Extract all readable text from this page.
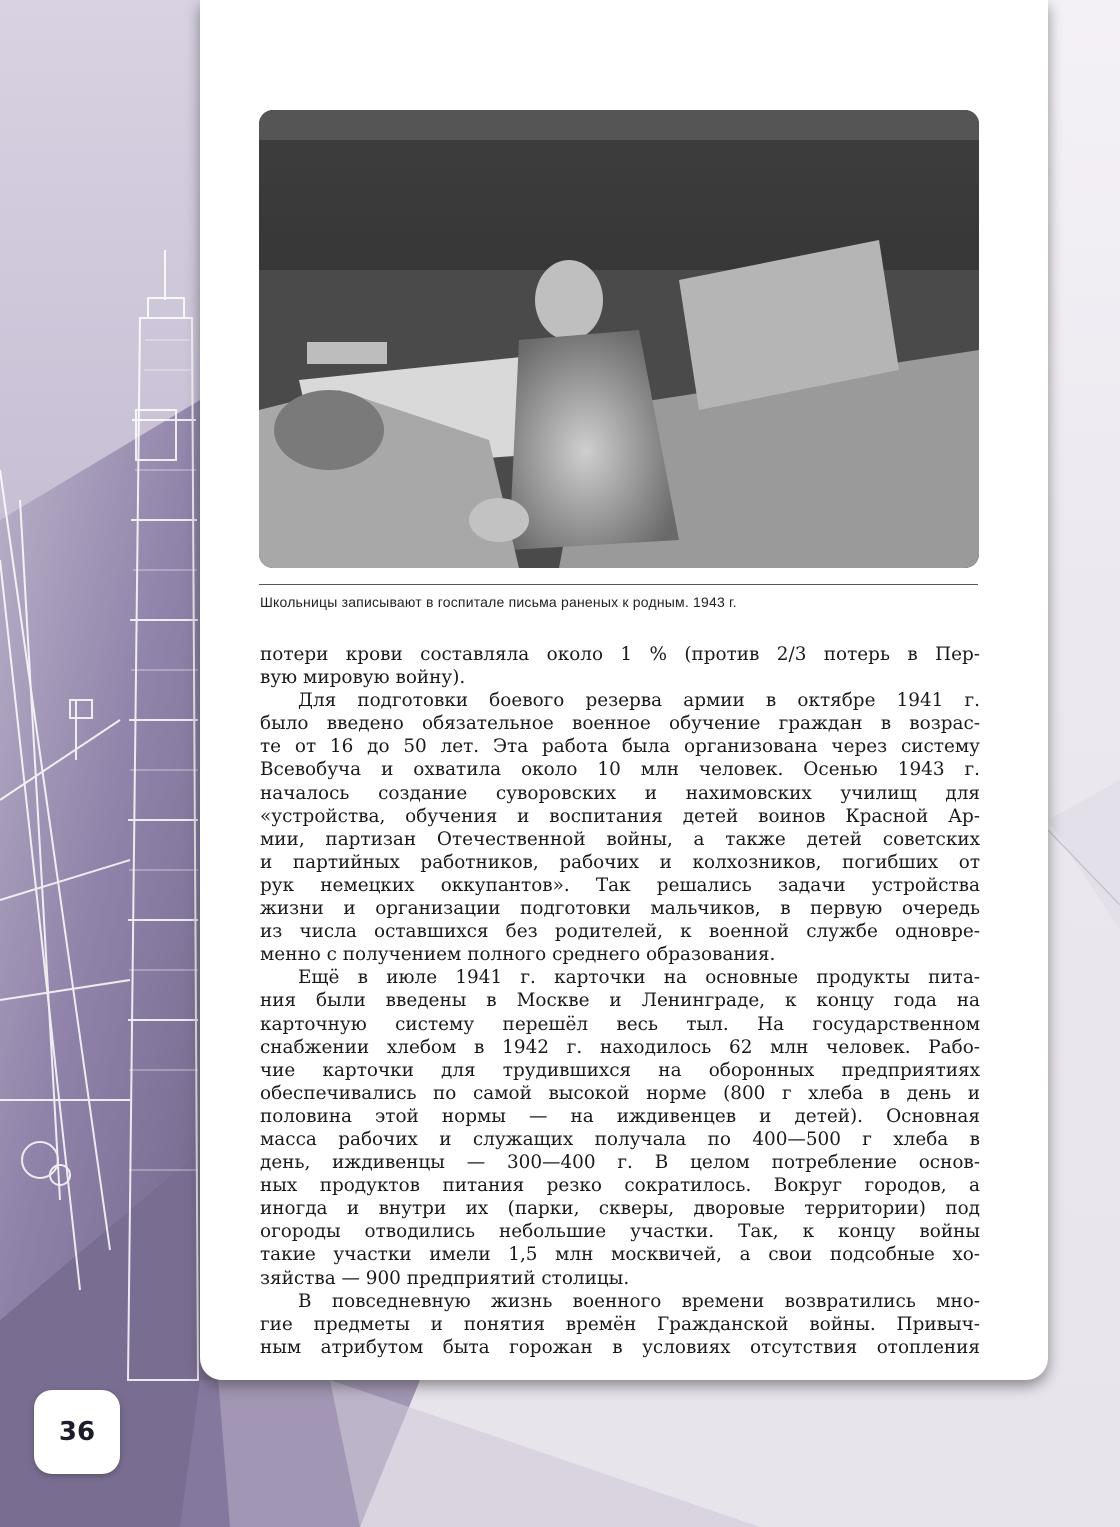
Школьницы записывают в госпитале письма раненых к родным. 1943 г.
потери крови составляла около 1 % (против 2/3 потерь в Пер-
вую мировую войну).
Для подготовки боевого резерва армии в октябре 1941 г.
было введено обязательное военное обучение граждан в возрас-
те от 16 до 50 лет. Эта работа была организована через систему
Всевобуча и охватила около 10 млн человек. Осенью 1943 г.
началось создание суворовских и нахимовских училищ для
«устройства, обучения и воспитания детей воинов Красной Ар-
мии, партизан Отечественной войны, а также детей советских
и партийных работников, рабочих и колхозников, погибших от
рук немецких оккупантов». Так решались задачи устройства
жизни и организации подготовки мальчиков, в первую очередь
из числа оставшихся без родителей, к военной службе одновре-
менно с получением полного среднего образования.
Ещё в июле 1941 г. карточки на основные продукты пита-
ния были введены в Москве и Ленинграде, к концу года на
карточную систему перешёл весь тыл. На государственном
снабжении хлебом в 1942 г. находилось 62 млн человек. Рабо-
чие карточки для трудившихся на оборонных предприятиях
обеспечивались по самой высокой норме (800 г хлеба в день и
половина этой нормы — на иждивенцев и детей). Основная
масса рабочих и служащих получала по 400—500 г хлеба в
день, иждивенцы — 300—400 г. В целом потребление основ-
ных продуктов питания резко сократилось. Вокруг городов, а
иногда и внутри их (парки, скверы, дворовые территории) под
огороды отводились небольшие участки. Так, к концу войны
такие участки имели 1,5 млн москвичей, а свои подсобные хо-
зяйства — 900 предприятий столицы.
В повседневную жизнь военного времени возвратились мно-
гие предметы и понятия времён Гражданской войны. Привыч-
ным атрибутом быта горожан в условиях отсутствия отопления
36
